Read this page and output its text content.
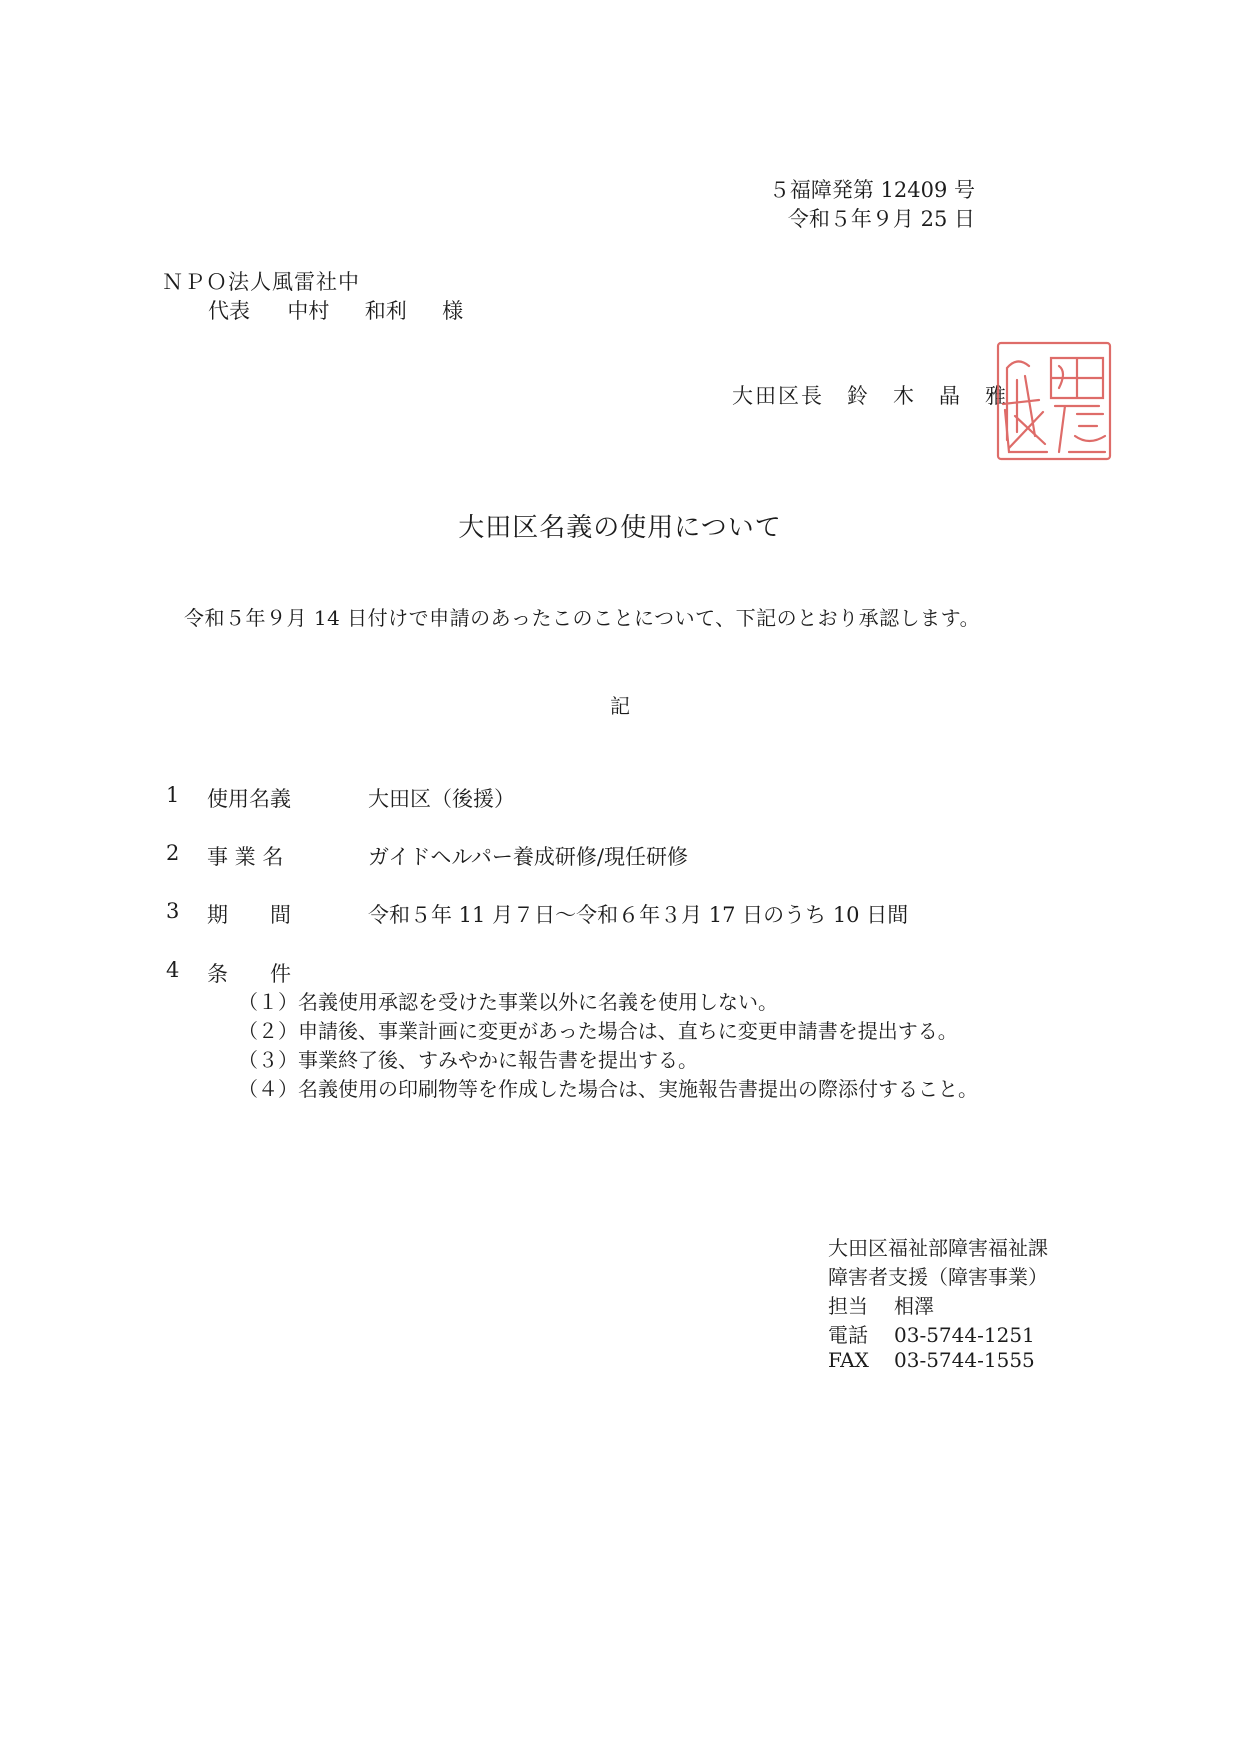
５福障発第 12409 号
令和５年９月 25 日
ＮＰＯ法人風雷社中
代表 中村 和利 様
大田区長　鈴　木　晶　雅
大田区名義の使用について
令和５年９月 14 日付けで申請のあったこのことについて、下記のとおり承認します。
記
1 使用名義	大田区（後援）
2 事 業 名	ガイドヘルパー養成研修/現任研修
3 期　　間	令和５年 11 月７日～令和６年３月 17 日のうち 10 日間
4 条　　件
（１）名義使用承認を受けた事業以外に名義を使用しない。
（２）申請後、事業計画に変更があった場合は、直ちに変更申請書を提出する。
（３）事業終了後、すみやかに報告書を提出する。
（４）名義使用の印刷物等を作成した場合は、実施報告書提出の際添付すること。
大田区福祉部障害福祉課
障害者支援（障害事業）
担当 相澤
電話 03-5744-1251
FAX 03-5744-1555
